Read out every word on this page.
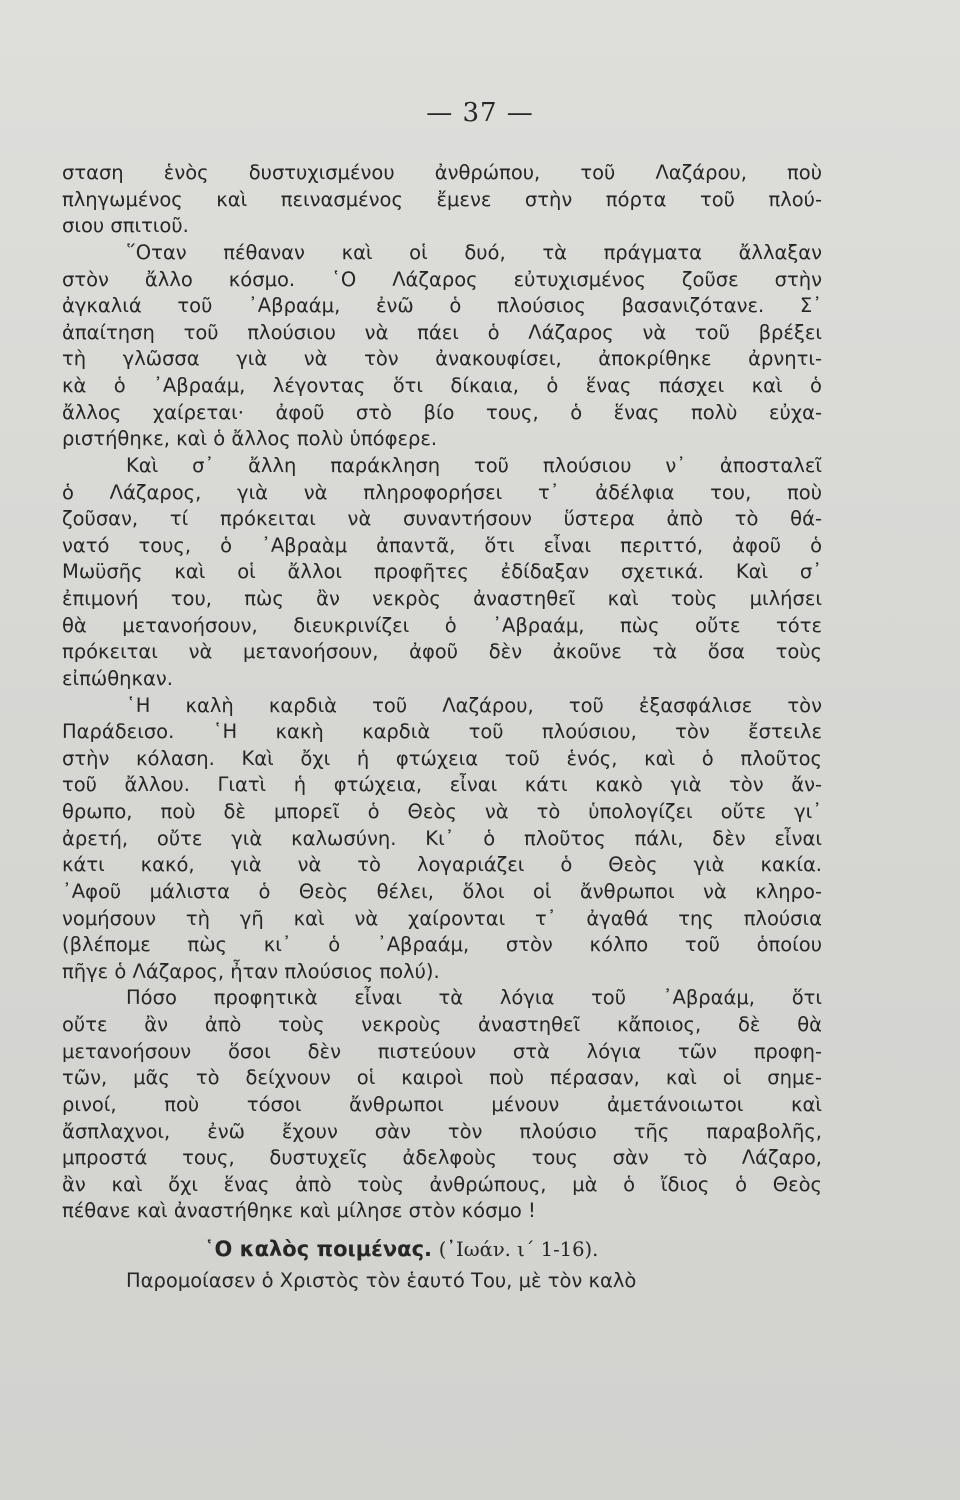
— 37 —
σταση ἑνὸς δυστυχισμένου ἀνθρώπου, τοῦ Λαζάρου, ποὺ
πληγωμένος καὶ πεινασμένος ἔμενε στὴν πόρτα τοῦ πλού-
σιου σπιτιοῦ.
῞Οταν πέθαναν καὶ οἱ δυό, τὰ πράγματα ἄλλαξαν
στὸν ἄλλο κόσμο. ῾Ο Λάζαρος εὐτυχισμένος ζοῦσε στὴν
ἀγκαλιά τοῦ ᾿Αβραάμ, ἐνῶ ὁ πλούσιος βασανιζότανε. Σ᾿
ἀπαίτηση τοῦ πλούσιου νὰ πάει ὁ Λάζαρος νὰ τοῦ βρέξει
τὴ γλῶσσα γιὰ νὰ τὸν ἀνακουφίσει, ἀποκρίθηκε ἀρνητι-
κὰ ὁ ᾿Αβραάμ, λέγοντας ὅτι δίκαια, ὁ ἕνας πάσχει καὶ ὁ
ἄλλος χαίρεται· ἀφοῦ στὸ βίο τους, ὁ ἕνας πολὺ εὐχα-
ριστήθηκε, καὶ ὁ ἄλλος πολὺ ὑπόφερε.
Καὶ σ᾿ ἄλλη παράκληση τοῦ πλούσιου ν᾿ ἀποσταλεῖ
ὁ Λάζαρος, γιὰ νὰ πληροφορήσει τ᾿ ἀδέλφια του, ποὺ
ζοῦσαν, τί πρόκειται νὰ συναντήσουν ὕστερα ἀπὸ τὸ θά-
νατό τους, ὁ ᾿Αβραὰμ ἀπαντᾶ, ὅτι εἶναι περιττό, ἀφοῦ ὁ
Μωϋσῆς καὶ οἱ ἄλλοι προφῆτες ἐδίδαξαν σχετικά. Καὶ σ᾿
ἐπιμονή του, πὼς ἂν νεκρὸς ἀναστηθεῖ καὶ τοὺς μιλήσει
θὰ μετανοήσουν, διευκρινίζει ὁ ᾿Αβραάμ, πὼς οὔτε τότε
πρόκειται νὰ μετανοήσουν, ἀφοῦ δὲν ἀκοῦνε τὰ ὅσα τοὺς
εἰπώθηκαν.
῾Η καλὴ καρδιὰ τοῦ Λαζάρου, τοῦ ἐξασφάλισε τὸν
Παράδεισο. ῾Η κακὴ καρδιὰ τοῦ πλούσιου, τὸν ἔστειλε
στὴν κόλαση. Καὶ ὄχι ἡ φτώχεια τοῦ ἑνός, καὶ ὁ πλοῦτος
τοῦ ἄλλου. Γιατὶ ἡ φτώχεια, εἶναι κάτι κακὸ γιὰ τὸν ἄν-
θρωπο, ποὺ δὲ μπορεῖ ὁ Θεὸς νὰ τὸ ὑπολογίζει οὔτε γι᾿
ἀρετή, οὔτε γιὰ καλωσύνη. Κι᾿ ὁ πλοῦτος πάλι, δὲν εἶναι
κάτι κακό, γιὰ νὰ τὸ λογαριάζει ὁ Θεὸς γιὰ κακία.
᾿Αφοῦ μάλιστα ὁ Θεὸς θέλει, ὅλοι οἱ ἄνθρωποι νὰ κληρο-
νομήσουν τὴ γῆ καὶ νὰ χαίρονται τ᾿ ἀγαθά της πλούσια
(βλέπομε πὼς κι᾿ ὁ ᾿Αβραάμ, στὸν κόλπο τοῦ ὁποίου
πῆγε ὁ Λάζαρος, ἦταν πλούσιος πολύ).
Πόσο προφητικὰ εἶναι τὰ λόγια τοῦ ᾿Αβραάμ, ὅτι
οὔτε ἂν ἀπὸ τοὺς νεκροὺς ἀναστηθεῖ κἄποιος, δὲ θὰ
μετανοήσουν ὅσοι δὲν πιστεύουν στὰ λόγια τῶν προφη-
τῶν, μᾶς τὸ δείχνουν οἱ καιροὶ ποὺ πέρασαν, καὶ οἱ σημε-
ρινοί, ποὺ τόσοι ἄνθρωποι μένουν ἀμετάνοιωτοι καὶ
ἄσπλαχνοι, ἐνῶ ἔχουν σὰν τὸν πλούσιο τῆς παραβολῆς,
μπροστά τους, δυστυχεῖς ἀδελφοὺς τους σὰν τὸ Λάζαρο,
ἂν καὶ ὄχι ἕνας ἀπὸ τοὺς ἀνθρώπους, μὰ ὁ ἴδιος ὁ Θεὸς
πέθανε καὶ ἀναστήθηκε καὶ μίλησε στὸν κόσμο !
῾Ο καλὸς ποιμένας. (᾿Ιωάν. ι΄ 1-16).
Παρομοίασεν ὁ Χριστὸς τὸν ἑαυτό Του, μὲ τὸν καλὸ
